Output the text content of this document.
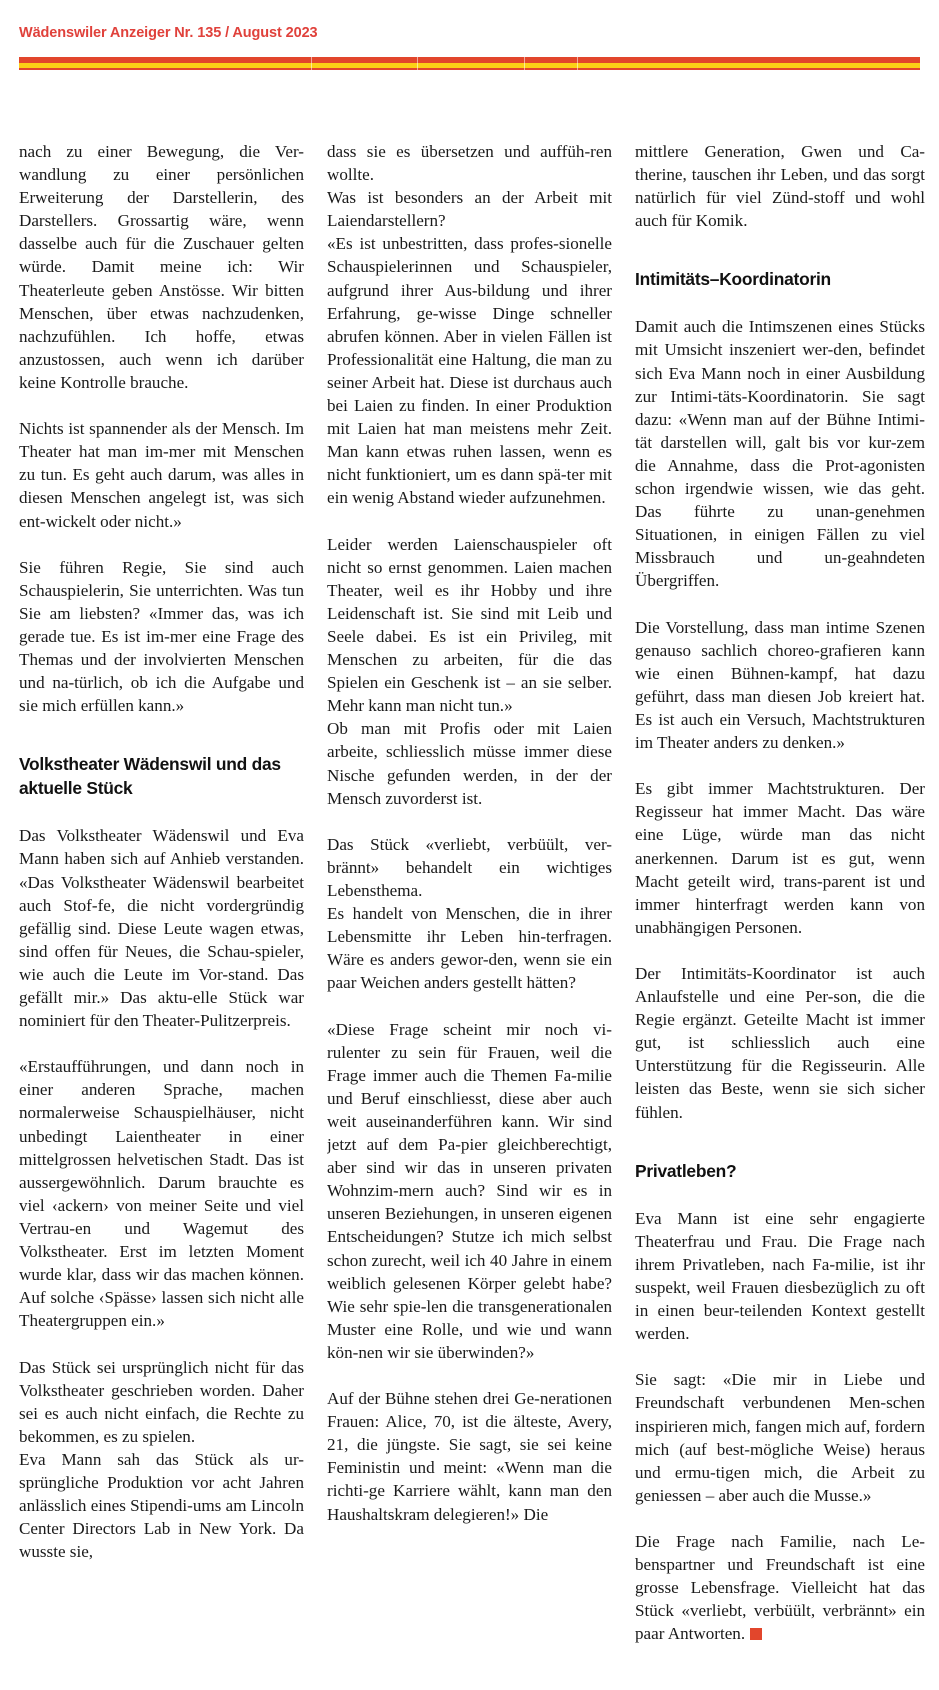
Wädenswiler Anzeiger Nr. 135 / August 2023

nach zu einer Bewegung, die Ver-wandlung zu einer persönlichen Erweiterung der Darstellerin, des Darstellers. Grossartig wäre, wenn dasselbe auch für die Zuschauer gelten würde. Damit meine ich: Wir Theaterleute geben Anstösse. Wir bitten Menschen, über etwas nachzudenken, nachzufühlen. Ich hoffe, etwas anzustossen, auch wenn ich darüber keine Kontrolle brauche.

Nichts ist spannender als der Mensch. Im Theater hat man im-mer mit Menschen zu tun. Es geht auch darum, was alles in diesen Menschen angelegt ist, was sich ent-wickelt oder nicht.»

Sie führen Regie, Sie sind auch Schauspielerin, Sie unterrichten. Was tun Sie am liebsten? «Immer das, was ich gerade tue. Es ist im-mer eine Frage des Themas und der involvierten Menschen und na-türlich, ob ich die Aufgabe und sie mich erfüllen kann.»

Volkstheater Wädenswil und das aktuelle Stück

Das Volkstheater Wädenswil und Eva Mann haben sich auf Anhieb verstanden. «Das Volkstheater Wädenswil bearbeitet auch Stof-fe, die nicht vordergründig gefällig sind. Diese Leute wagen etwas, sind offen für Neues, die Schau-spieler, wie auch die Leute im Vor-stand. Das gefällt mir.» Das aktu-elle Stück war nominiert für den Theater-Pulitzerpreis.

«Erstaufführungen, und dann noch in einer anderen Sprache, machen normalerweise Schauspielhäuser, nicht unbedingt Laientheater in einer mittelgrossen helvetischen Stadt. Das ist aussergewöhnlich. Darum brauchte es viel ‹ackern› von meiner Seite und viel Vertrau-en und Wagemut des Volkstheater. Erst im letzten Moment wurde klar, dass wir das machen können. Auf solche ‹Spässe› lassen sich nicht alle Theatergruppen ein.»

Das Stück sei ursprünglich nicht für das Volkstheater geschrieben worden. Daher sei es auch nicht einfach, die Rechte zu bekommen, es zu spielen.

Eva Mann sah das Stück als ur-sprüngliche Produktion vor acht Jahren anlässlich eines Stipendi-ums am Lincoln Center Directors Lab in New York. Da wusste sie,

dass sie es übersetzen und auffüh-ren wollte.

Was ist besonders an der Arbeit mit Laiendarstellern?

«Es ist unbestritten, dass profes-sionelle Schauspielerinnen und Schauspieler, aufgrund ihrer Aus-bildung und ihrer Erfahrung, ge-wisse Dinge schneller abrufen können. Aber in vielen Fällen ist Professionalität eine Haltung, die man zu seiner Arbeit hat. Diese ist durchaus auch bei Laien zu finden. In einer Produktion mit Laien hat man meistens mehr Zeit. Man kann etwas ruhen lassen, wenn es nicht funktioniert, um es dann spä-ter mit ein wenig Abstand wieder aufzunehmen.

Leider werden Laienschauspieler oft nicht so ernst genommen. Laien machen Theater, weil es ihr Hobby und ihre Leidenschaft ist. Sie sind mit Leib und Seele dabei. Es ist ein Privileg, mit Menschen zu arbeiten, für die das Spielen ein Geschenk ist – an sie selber. Mehr kann man nicht tun.»

Ob man mit Profis oder mit Laien arbeite, schliesslich müsse immer diese Nische gefunden werden, in der der Mensch zuvorderst ist.

Das Stück «verliebt, verbüült, ver-brännt» behandelt ein wichtiges Lebensthema.

Es handelt von Menschen, die in ihrer Lebensmitte ihr Leben hin-terfragen. Wäre es anders gewor-den, wenn sie ein paar Weichen anders gestellt hätten?

«Diese Frage scheint mir noch vi-rulenter zu sein für Frauen, weil die Frage immer auch die Themen Fa-milie und Beruf einschliesst, diese aber auch weit auseinanderführen kann. Wir sind jetzt auf dem Pa-pier gleichberechtigt, aber sind wir das in unseren privaten Wohnzim-mern auch? Sind wir es in unseren Beziehungen, in unseren eigenen Entscheidungen? Stutze ich mich selbst schon zurecht, weil ich 40 Jahre in einem weiblich gelesenen Körper gelebt habe? Wie sehr spie-len die transgenerationalen Muster eine Rolle, und wie und wann kön-nen wir sie überwinden?»

Auf der Bühne stehen drei Ge-nerationen Frauen: Alice, 70, ist die älteste, Avery, 21, die jüngste. Sie sagt, sie sei keine Feministin und meint: «Wenn man die richti-ge Karriere wählt, kann man den Haushaltskram delegieren!» Die

mittlere Generation, Gwen und Ca-therine, tauschen ihr Leben, und das sorgt natürlich für viel Zünd-stoff und wohl auch für Komik.

Intimitäts–Koordinatorin

Damit auch die Intimszenen eines Stücks mit Umsicht inszeniert wer-den, befindet sich Eva Mann noch in einer Ausbildung zur Intimi-täts-Koordinatorin. Sie sagt dazu: «Wenn man auf der Bühne Intimi-tät darstellen will, galt bis vor kur-zem die Annahme, dass die Prot-agonisten schon irgendwie wissen, wie das geht. Das führte zu unan-genehmen Situationen, in einigen Fällen zu viel Missbrauch und un-geahndeten Übergriffen.

Die Vorstellung, dass man intime Szenen genauso sachlich choreo-grafieren kann wie einen Bühnen-kampf, hat dazu geführt, dass man diesen Job kreiert hat. Es ist auch ein Versuch, Machtstrukturen im Theater anders zu denken.»

Es gibt immer Machtstrukturen. Der Regisseur hat immer Macht. Das wäre eine Lüge, würde man das nicht anerkennen. Darum ist es gut, wenn Macht geteilt wird, trans-parent ist und immer hinterfragt werden kann von unabhängigen Personen.

Der Intimitäts-Koordinator ist auch Anlaufstelle und eine Per-son, die die Regie ergänzt. Geteilte Macht ist immer gut, ist schliesslich auch eine Unterstützung für die Regisseurin. Alle leisten das Beste, wenn sie sich sicher fühlen.

Privatleben?

Eva Mann ist eine sehr engagierte Theaterfrau und Frau. Die Frage nach ihrem Privatleben, nach Fa-milie, ist ihr suspekt, weil Frauen diesbezüglich zu oft in einen beur-teilenden Kontext gestellt werden.

Sie sagt: «Die mir in Liebe und Freundschaft verbundenen Men-schen inspirieren mich, fangen mich auf, fordern mich (auf best-mögliche Weise) heraus und ermu-tigen mich, die Arbeit zu geniessen – aber auch die Musse.»

Die Frage nach Familie, nach Le-benspartner und Freundschaft ist eine grosse Lebensfrage. Vielleicht hat das Stück «verliebt, verbüült, verbrännt» ein paar Antworten.
